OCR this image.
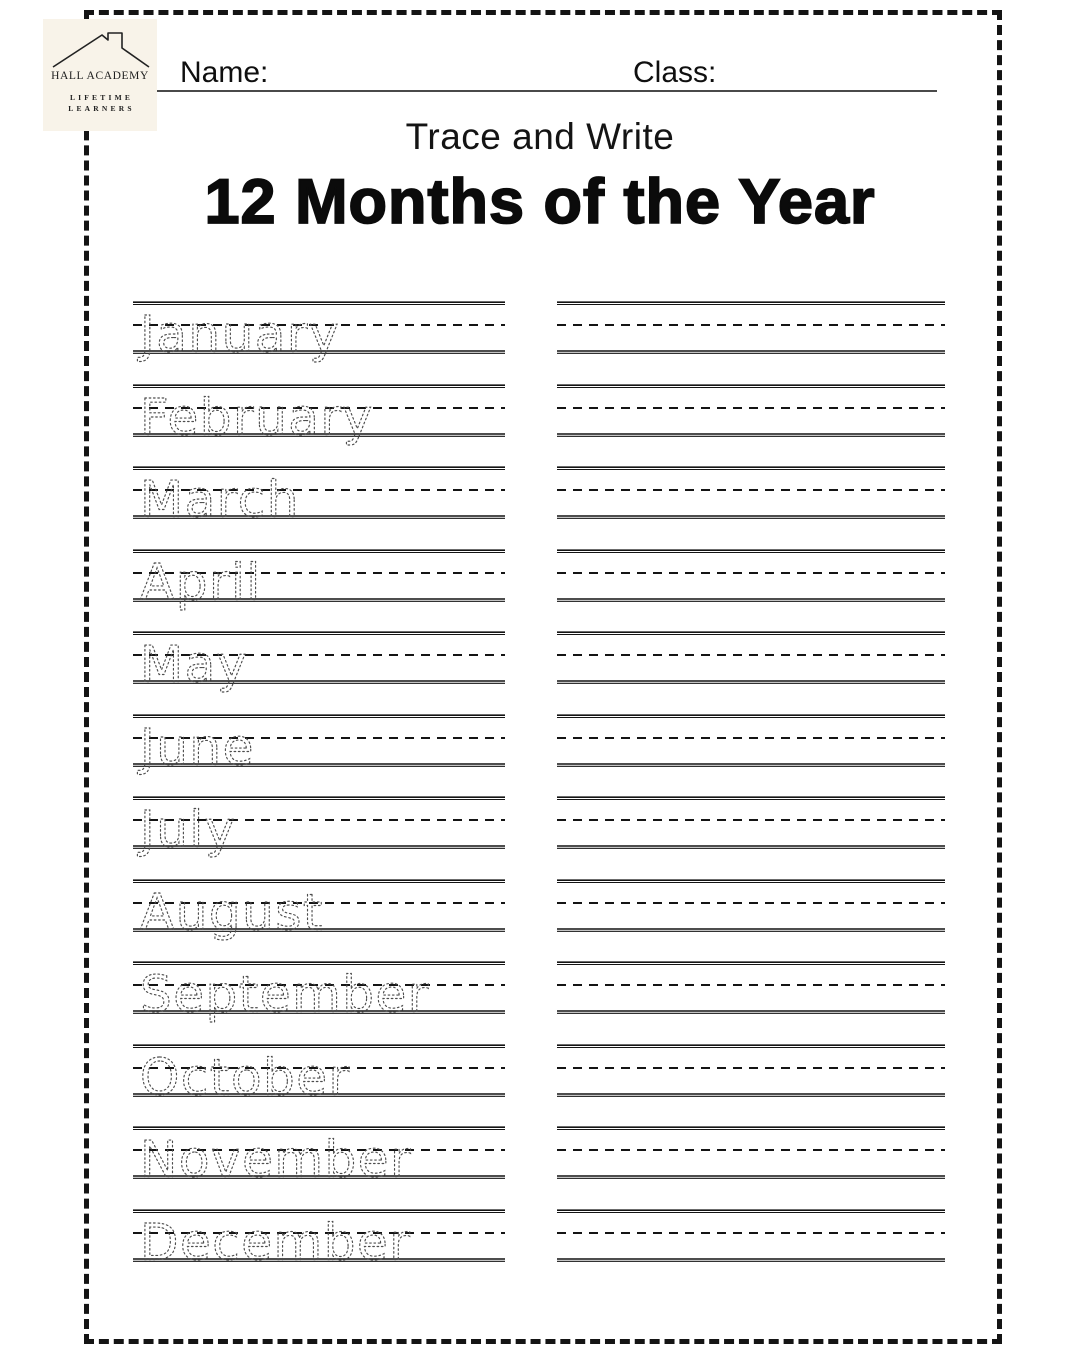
HALL ACADEMY
LIFETIME
LEARNERS
Name:	Class:
Trace and Write
12 Months of the Year
January
February
March
April
May
June
July
August
September
October
November
December
